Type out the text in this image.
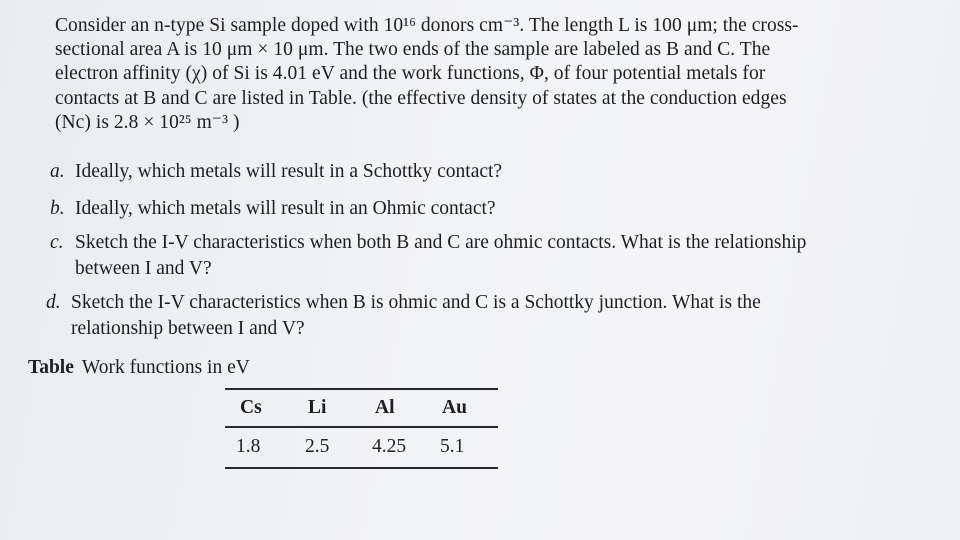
Consider an n-type Si sample doped with 10¹⁶ donors cm⁻³. The length L is 100 μm; the cross-
sectional area A is 10 μm × 10 μm. The two ends of the sample are labeled as B and C. The
electron affinity (χ) of Si is 4.01 eV and the work functions, Φ, of four potential metals for
contacts at B and C are listed in Table. (the effective density of states at the conduction edges
(Nc) is 2.8 × 10²⁵ m⁻³ )
a. Ideally, which metals will result in a Schottky contact?
b. Ideally, which metals will result in an Ohmic contact?
c. Sketch the I-V characteristics when both B and C are ohmic contacts. What is the relationship
between I and V?
d. Sketch the I-V characteristics when B is ohmic and C is a Schottky junction. What is the
relationship between I and V?
Table Work functions in eV
Cs Li Al Au
1.8 2.5 4.25 5.1
